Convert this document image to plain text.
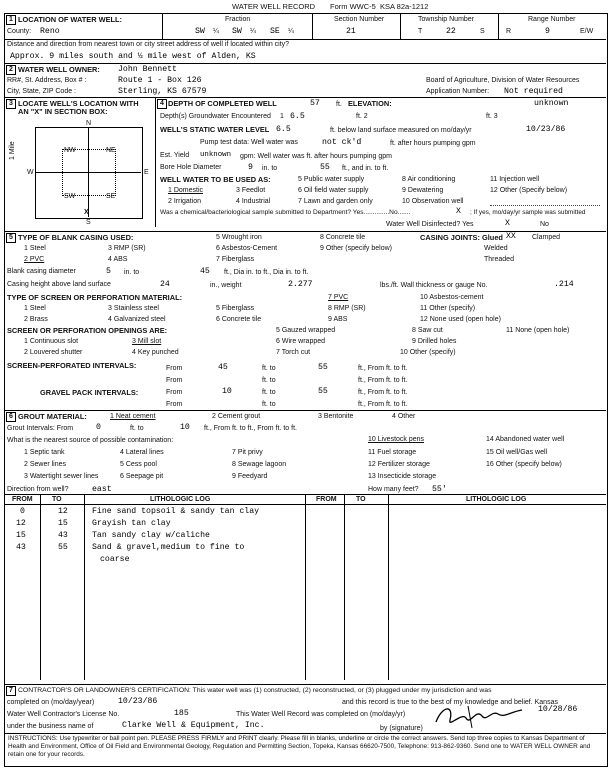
WATER WELL RECORD Form WWC-5 KSA 82a-1212
1 LOCATION OF WATER WELL:
County: Reno
Fraction
SW ¼ SW ¼ SE ¼
Section Number
21
Township Number
T	22	S
Range Number
R	9	E/W
Distance and direction from nearest town or city street address of well if located within city?
Approx. 9 miles south and ½ mile west of Alden, KS
2 WATER WELL OWNER: John Bennett
RR#, St. Address, Box # :	Route 1 - Box 126
City, State, ZIP Code :	Sterling, KS 67579
Board of Agriculture, Division of Water Resources
Application Number: Not required
3 LOCATE WELL'S LOCATION WITH AN "X" IN SECTION BOX:
N
S
W	E
NW	NE
SW	SE
X
1 Mile
4 DEPTH OF COMPLETED WELL	57 ft. ELEVATION:	unknown
Depth(s) Groundwater Encountered 1 6.5	ft. 2	ft. 3
WELL'S STATIC WATER LEVEL 6.5	ft. below land surface measured on mo/day/yr	10/23/86
Pump test data: Well water was	not ck'd	ft. after hours pumping gpm
Est. Yield unknown gpm: Well water was ft. after hours pumping gpm
Bore Hole Diameter	9 in. to	55 ft., and in. to ft.
WELL WATER TO BE USED AS:	5 Public water supply	8 Air conditioning	11 Injection well
1 Domestic	3 Feedlot	6 Oil field water supply	9 Dewatering	12 Other (Specify below)
2 Irrigation	4 Industrial	7 Lawn and garden only	10 Observation well
Was a chemical/bacteriological sample submitted to Department? Yes..............No.......	X ; If yes, mo/day/yr sample was submitted
Water Well Disinfected? Yes	X	No
5 TYPE OF BLANK CASING USED:	5 Wrought iron	8 Concrete tile	CASING JOINTS: Glued XX Clamped
1 Steel	3 RMP (SR)	6 Asbestos-Cement	9 Other (specify below)	Welded
2 PVC	4 ABS	7 Fiberglass	Threaded
Blank casing diameter	5 in. to	45 ft., Dia in. to ft., Dia in. to ft.
Casing height above land surface	24	in., weight	2.277	lbs./ft. Wall thickness or gauge No.	.214
TYPE OF SCREEN OR PERFORATION MATERIAL:	7 PVC	10 Asbestos-cement
1 Steel	3 Stainless steel	5 Fiberglass	8 RMP (SR)	11 Other (specify)
2 Brass	4 Galvanized steel	6 Concrete tile	9 ABS	12 None used (open hole)
SCREEN OR PERFORATION OPENINGS ARE:	5 Gauzed wrapped	8 Saw cut	11 None (open hole)
1 Continuous slot	3 Mill slot	6 Wire wrapped	9 Drilled holes
2 Louvered shutter	4 Key punched	7 Torch cut	10 Other (specify)
SCREEN-PERFORATED INTERVALS:	From	45	ft. to	55	ft., From ft. to ft.
From	ft. to	ft., From ft. to ft.
GRAVEL PACK INTERVALS:	From	10	ft. to	55	ft., From ft. to ft.
From	ft. to	ft., From ft. to ft.
6 GROUT MATERIAL:	1 Neat cement	2 Cement grout	3 Bentonite	4 Other
Grout Intervals: From	0	ft. to	10 ft., From ft. to ft., From ft. to ft.
What is the nearest source of possible contamination:	10 Livestock pens	14 Abandoned water well
1 Septic tank	4 Lateral lines	7 Pit privy	11 Fuel storage	15 Oil well/Gas well
2 Sewer lines	5 Cess pool	8 Sewage lagoon	12 Fertilizer storage	16 Other (specify below)
3 Watertight sewer lines	6 Seepage pit	9 Feedyard	13 Insecticide storage
Direction from well?	east	How many feet? 55'
FROM	TO	LITHOLOGIC LOG	FROM	TO	LITHOLOGIC LOG
0	12	Fine sand topsoil & sandy tan clay
12	15	Grayish tan clay
15	43	Tan sandy clay w/caliche
43	55	Sand & gravel,medium to fine to
coarse
7 CONTRACTOR'S OR LANDOWNER'S CERTIFICATION: This water well was (1) constructed, (2) reconstructed, or (3) plugged under my jurisdiction and was
completed on (mo/day/year)	10/23/86	and this record is true to the best of my knowledge and belief. Kansas
Water Well Contractor's License No.	185	This Water Well Record was completed on (mo/day/yr)
10/28/86
under the business name of	Clarke Well & Equipment, Inc.	by (signature)
INSTRUCTIONS: Use typewriter or ball point pen. PLEASE PRESS FIRMLY and PRINT clearly. Please fill in blanks, underline or circle the correct answers. Send top three copies to Kansas Department of Health and Environment, Office of Oil Field and Environmental Geology, Regulation and Permitting Section, Topeka, Kansas 66620-7500, Telephone: 913-862-9360. Send one to WATER WELL OWNER and retain one for your records.
